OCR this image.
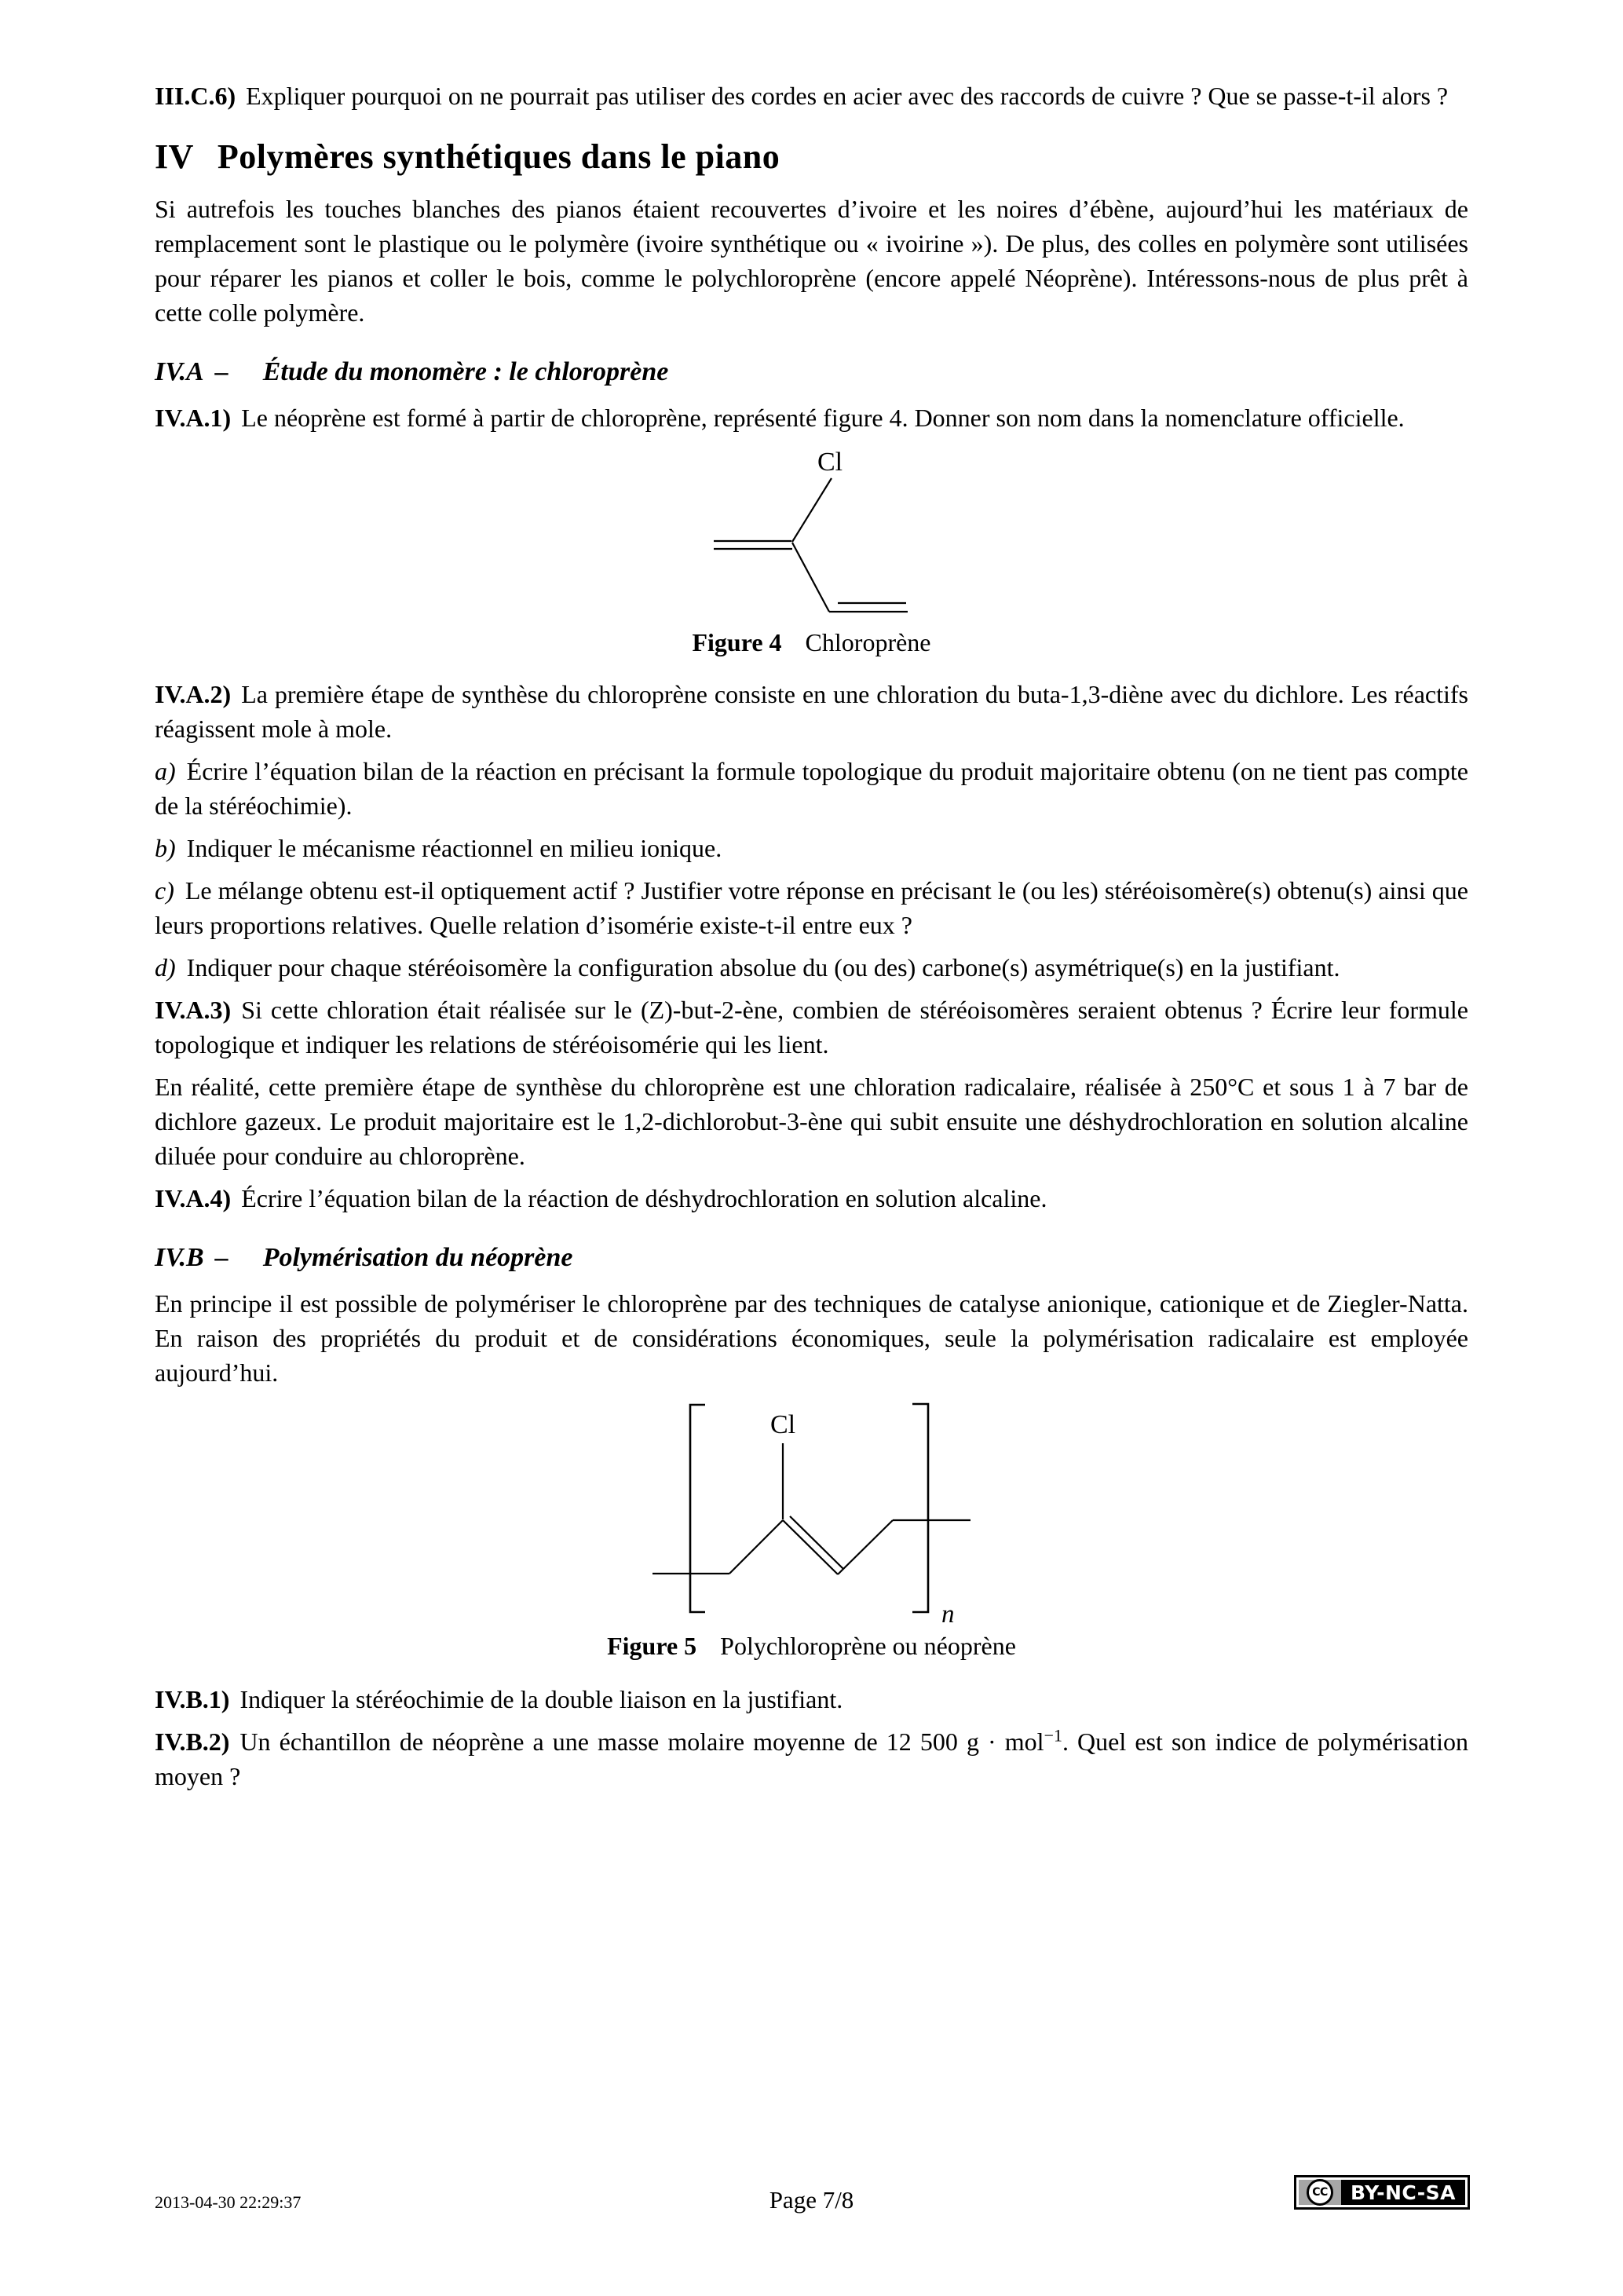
III.C.6) Expliquer pourquoi on ne pourrait pas utiliser des cordes en acier avec des raccords de cuivre ? Que se passe-t-il alors ?

IV Polymères synthétiques dans le piano

Si autrefois les touches blanches des pianos étaient recouvertes d’ivoire et les noires d’ébène, aujourd’hui les matériaux de remplacement sont le plastique ou le polymère (ivoire synthétique ou « ivoirine »). De plus, des colles en polymère sont utilisées pour réparer les pianos et coller le bois, comme le polychloroprène (encore appelé Néoprène). Intéressons-nous de plus prêt à cette colle polymère.

IV.A – Étude du monomère : le chloroprène

IV.A.1) Le néoprène est formé à partir de chloroprène, représenté figure 4. Donner son nom dans la nomenclature officielle.

Cl

Figure 4 Chloroprène

IV.A.2) La première étape de synthèse du chloroprène consiste en une chloration du buta-1,3-diène avec du dichlore. Les réactifs réagissent mole à mole.

a) Écrire l’équation bilan de la réaction en précisant la formule topologique du produit majoritaire obtenu (on ne tient pas compte de la stéréochimie).

b) Indiquer le mécanisme réactionnel en milieu ionique.

c) Le mélange obtenu est-il optiquement actif ? Justifier votre réponse en précisant le (ou les) stéréoisomère(s) obtenu(s) ainsi que leurs proportions relatives. Quelle relation d’isomérie existe-t-il entre eux ?

d) Indiquer pour chaque stéréoisomère la configuration absolue du (ou des) carbone(s) asymétrique(s) en la justifiant.

IV.A.3) Si cette chloration était réalisée sur le (Z)-but-2-ène, combien de stéréoisomères seraient obtenus ? Écrire leur formule topologique et indiquer les relations de stéréoisomérie qui les lient.

En réalité, cette première étape de synthèse du chloroprène est une chloration radicalaire, réalisée à 250°C et sous 1 à 7 bar de dichlore gazeux. Le produit majoritaire est le 1,2-dichlorobut-3-ène qui subit ensuite une déshydrochloration en solution alcaline diluée pour conduire au chloroprène.

IV.A.4) Écrire l’équation bilan de la réaction de déshydrochloration en solution alcaline.

IV.B – Polymérisation du néoprène

En principe il est possible de polymériser le chloroprène par des techniques de catalyse anionique, cationique et de Ziegler-Natta. En raison des propriétés du produit et de considérations économiques, seule la polymérisation radicalaire est employée aujourd’hui.

n
Cl

Figure 5 Polychloroprène ou néoprène

IV.B.1) Indiquer la stéréochimie de la double liaison en la justifiant.

IV.B.2) Un échantillon de néoprène a une masse molaire moyenne de 12 500 g · mol$^{-1}$. Quel est son indice de polymérisation moyen ?

2013-04-30 22:29:37	Page 7/8	CC	BY-NC-SA
